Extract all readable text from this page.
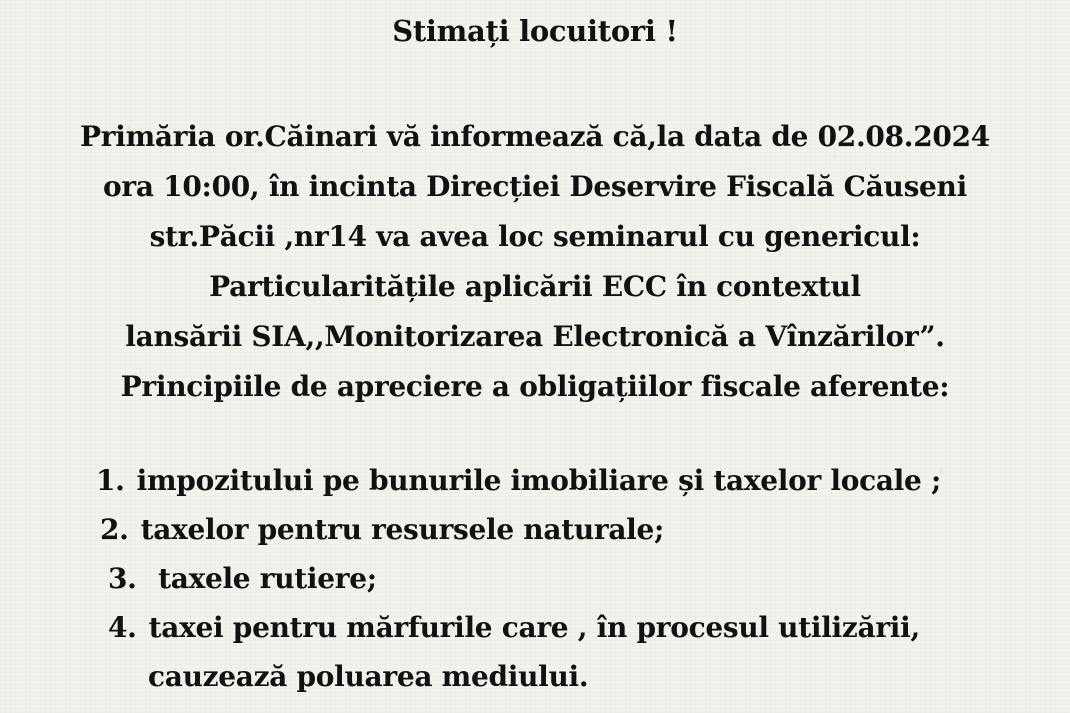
Stimați locuitori !
Primăria or.Căinari vă informează că,la data de 02.08.2024
ora 10:00, în incinta Direcției Deservire Fiscală Căuseni
str.Păcii ,nr14 va avea loc seminarul cu genericul:
Particularitățile aplicării ECC în contextul
lansării SIA,,Monitorizarea Electronică a Vînzărilor”.
Principiile de apreciere a obligațiilor fiscale aferente:
1. impozitului pe bunurile imobiliare și taxelor locale ;
2. taxelor pentru resursele naturale;
3. taxele rutiere;
4. taxei pentru mărfurile care , în procesul utilizării,
cauzează poluarea mediului.
